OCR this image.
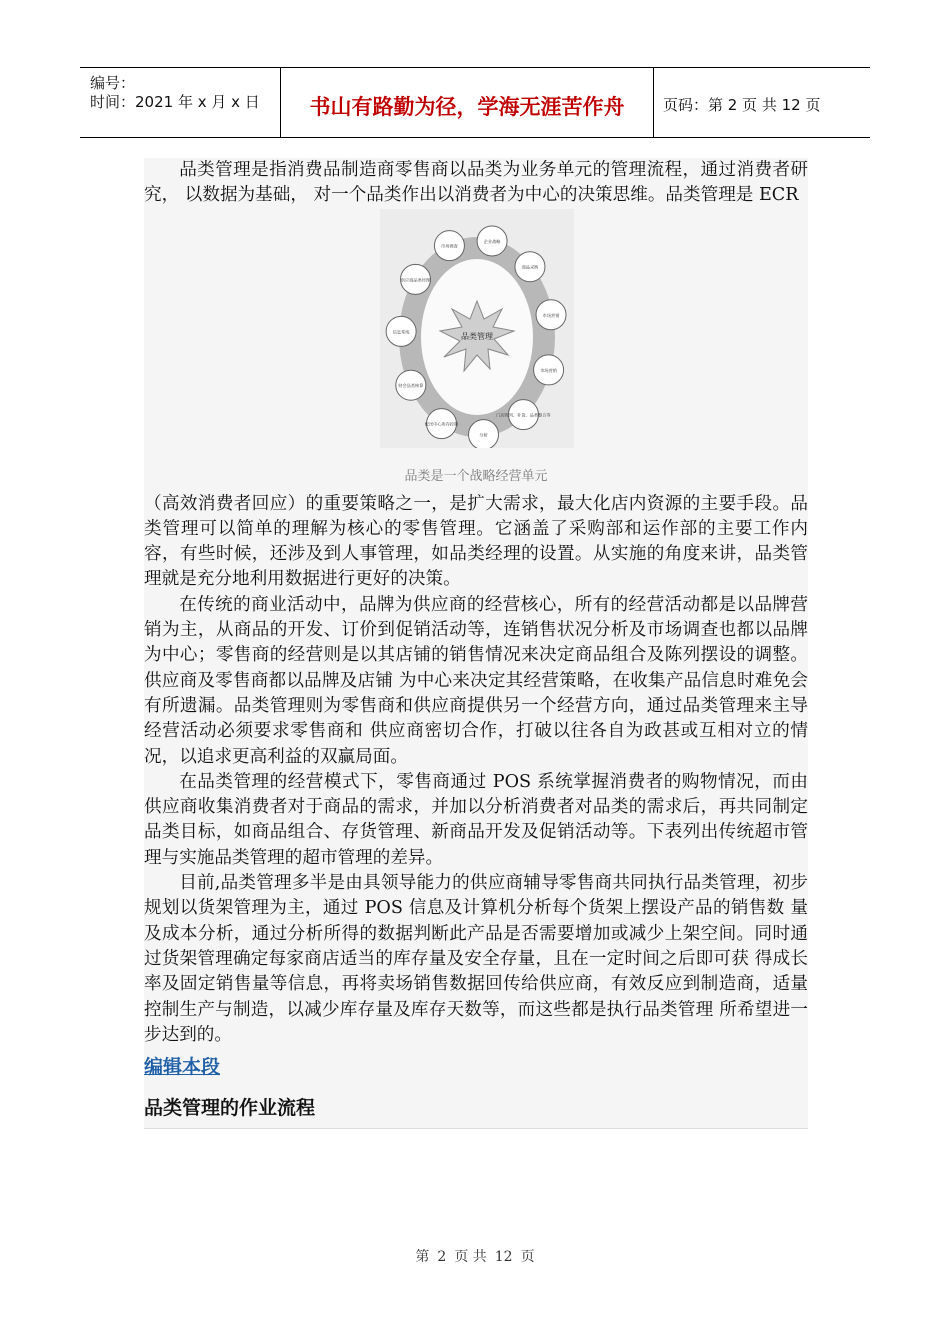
编号：
时间：2021 年 x 月 x 日	书山有路勤为径，学海无涯苦作舟	页码：第 2 页 共 12 页

品类管理是指消费品制造商零售商以品类为业务单元的管理流程，通过消费者研究， 以数据为基础， 对一个品类作出以消费者为中心的决策思维。品类管理是 ECR

品类管理
企业战略
商品采购
市场营销
市场营销
门店陈列、补货、品类整合等
分析
配送中心库存控制
财会品类核算
信息系统
供应商品类经理
市场调查
品类是一个战略经营单元

（高效消费者回应）的重要策略之一，是扩大需求，最大化店内资源的主要手段。品类管理可以简单的理解为核心的零售管理。它涵盖了采购部和运作部的主要工作内容，有些时候，还涉及到人事管理，如品类经理的设置。从实施的角度来讲，品类管理就是充分地利用数据进行更好的决策。

在传统的商业活动中，品牌为供应商的经营核心，所有的经营活动都是以品牌营销为主，从商品的开发、订价到促销活动等，连销售状况分析及市场调查也都以品牌为中心；零售商的经营则是以其店铺的销售情况来决定商品组合及陈列摆设的调整。供应商及零售商都以品牌及店铺 为中心来决定其经营策略，在收集产品信息时难免会有所遗漏。品类管理则为零售商和供应商提供另一个经营方向，通过品类管理来主导经营活动必须要求零售商和 供应商密切合作，打破以往各自为政甚或互相对立的情况，以追求更高利益的双赢局面。

在品类管理的经营模式下，零售商通过 POS 系统掌握消费者的购物情况，而由供应商收集消费者对于商品的需求，并加以分析消费者对品类的需求后，再共同制定品类目标，如商品组合、存货管理、新商品开发及促销活动等。下表列出传统超市管理与实施品类管理的超市管理的差异。

目前,品类管理多半是由具领导能力的供应商辅导零售商共同执行品类管理，初步规划以货架管理为主，通过 POS 信息及计算机分析每个货架上摆设产品的销售数 量及成本分析，通过分析所得的数据判断此产品是否需要增加或减少上架空间。同时通过货架管理确定每家商店适当的库存量及安全存量，且在一定时间之后即可获 得成长率及固定销售量等信息，再将卖场销售数据回传给供应商，有效反应到制造商，适量控制生产与制造，以减少库存量及库存天数等，而这些都是执行品类管理 所希望进一步达到的。

编辑本段
品类管理的作业流程
第 2 页 共 12 页
